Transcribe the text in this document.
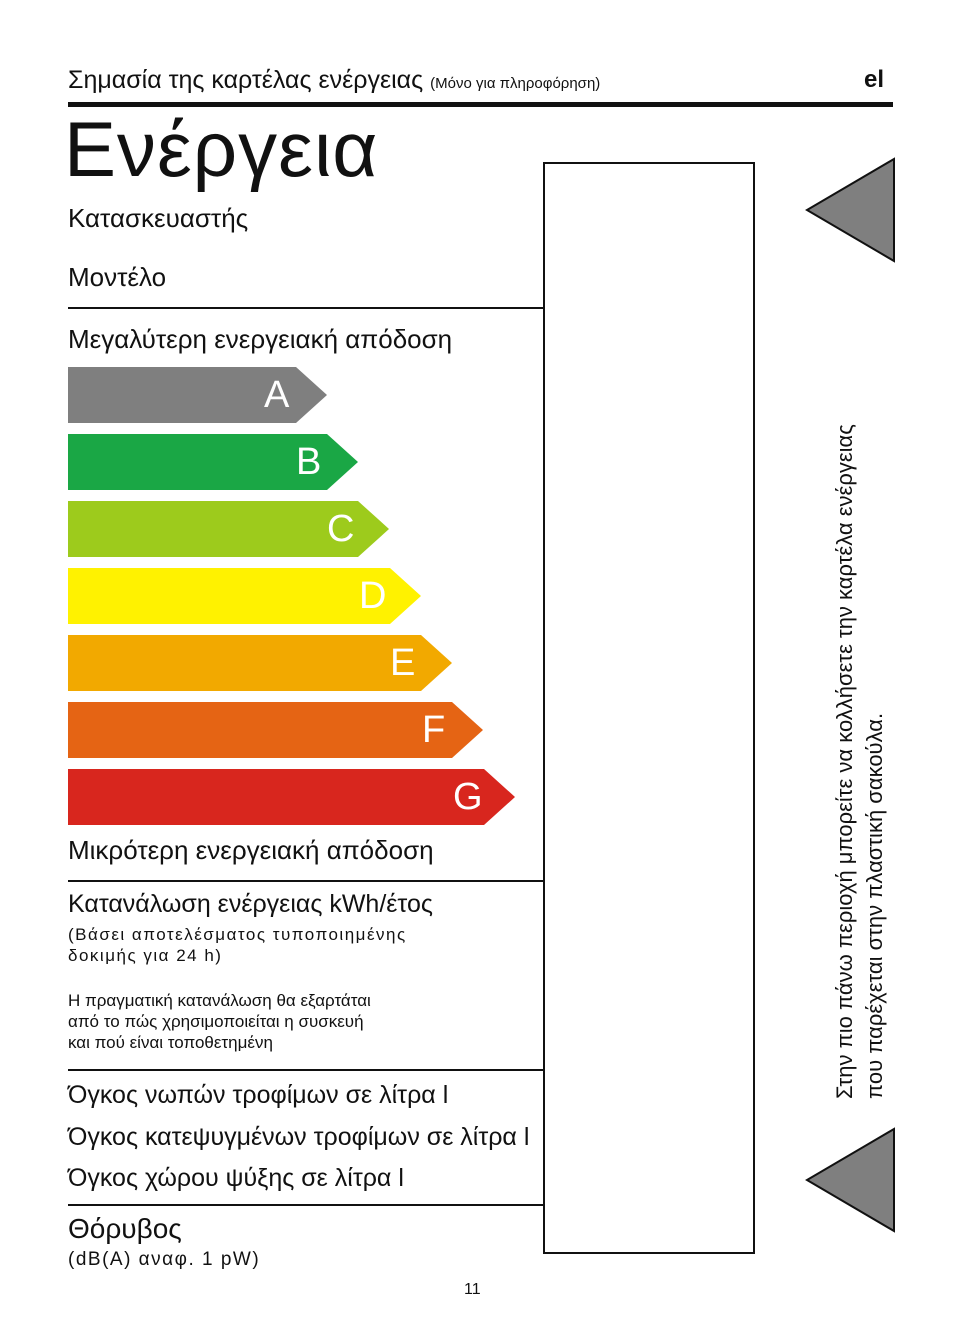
Σημασία της καρτέλας ενέργειας (Μόνο για πληροφόρηση)	el
Ενέργεια
Κατασκευαστής
Μοντέλο
Μεγαλύτερη ενεργειακή απόδοση
A
B
C
D
E
F
G
Μικρότερη ενεργειακή απόδοση
Κατανάλωση ενέργειας kWh/έτος
(Βάσει αποτελέσματος τυποποιημένης
δοκιμής για 24 h)
Η πραγματική κατανάλωση θα εξαρτάται
από το πώς χρησιμοποιείται η συσκευή
και πού είναι τοποθετημένη
Όγκος νωπών τροφίμων σε λίτρα l
Όγκος κατεψυγμένων τροφίμων σε λίτρα l
Όγκος χώρου ψύξης σε λίτρα l
Θόρυβος
(dB(A) αναφ. 1 pW)
Στην πιο πάνω περιοχή μπορείτε να κολλήσετε την καρτέλα ενέργειας που παρέχεται στην πλαστική σακούλα.
11
